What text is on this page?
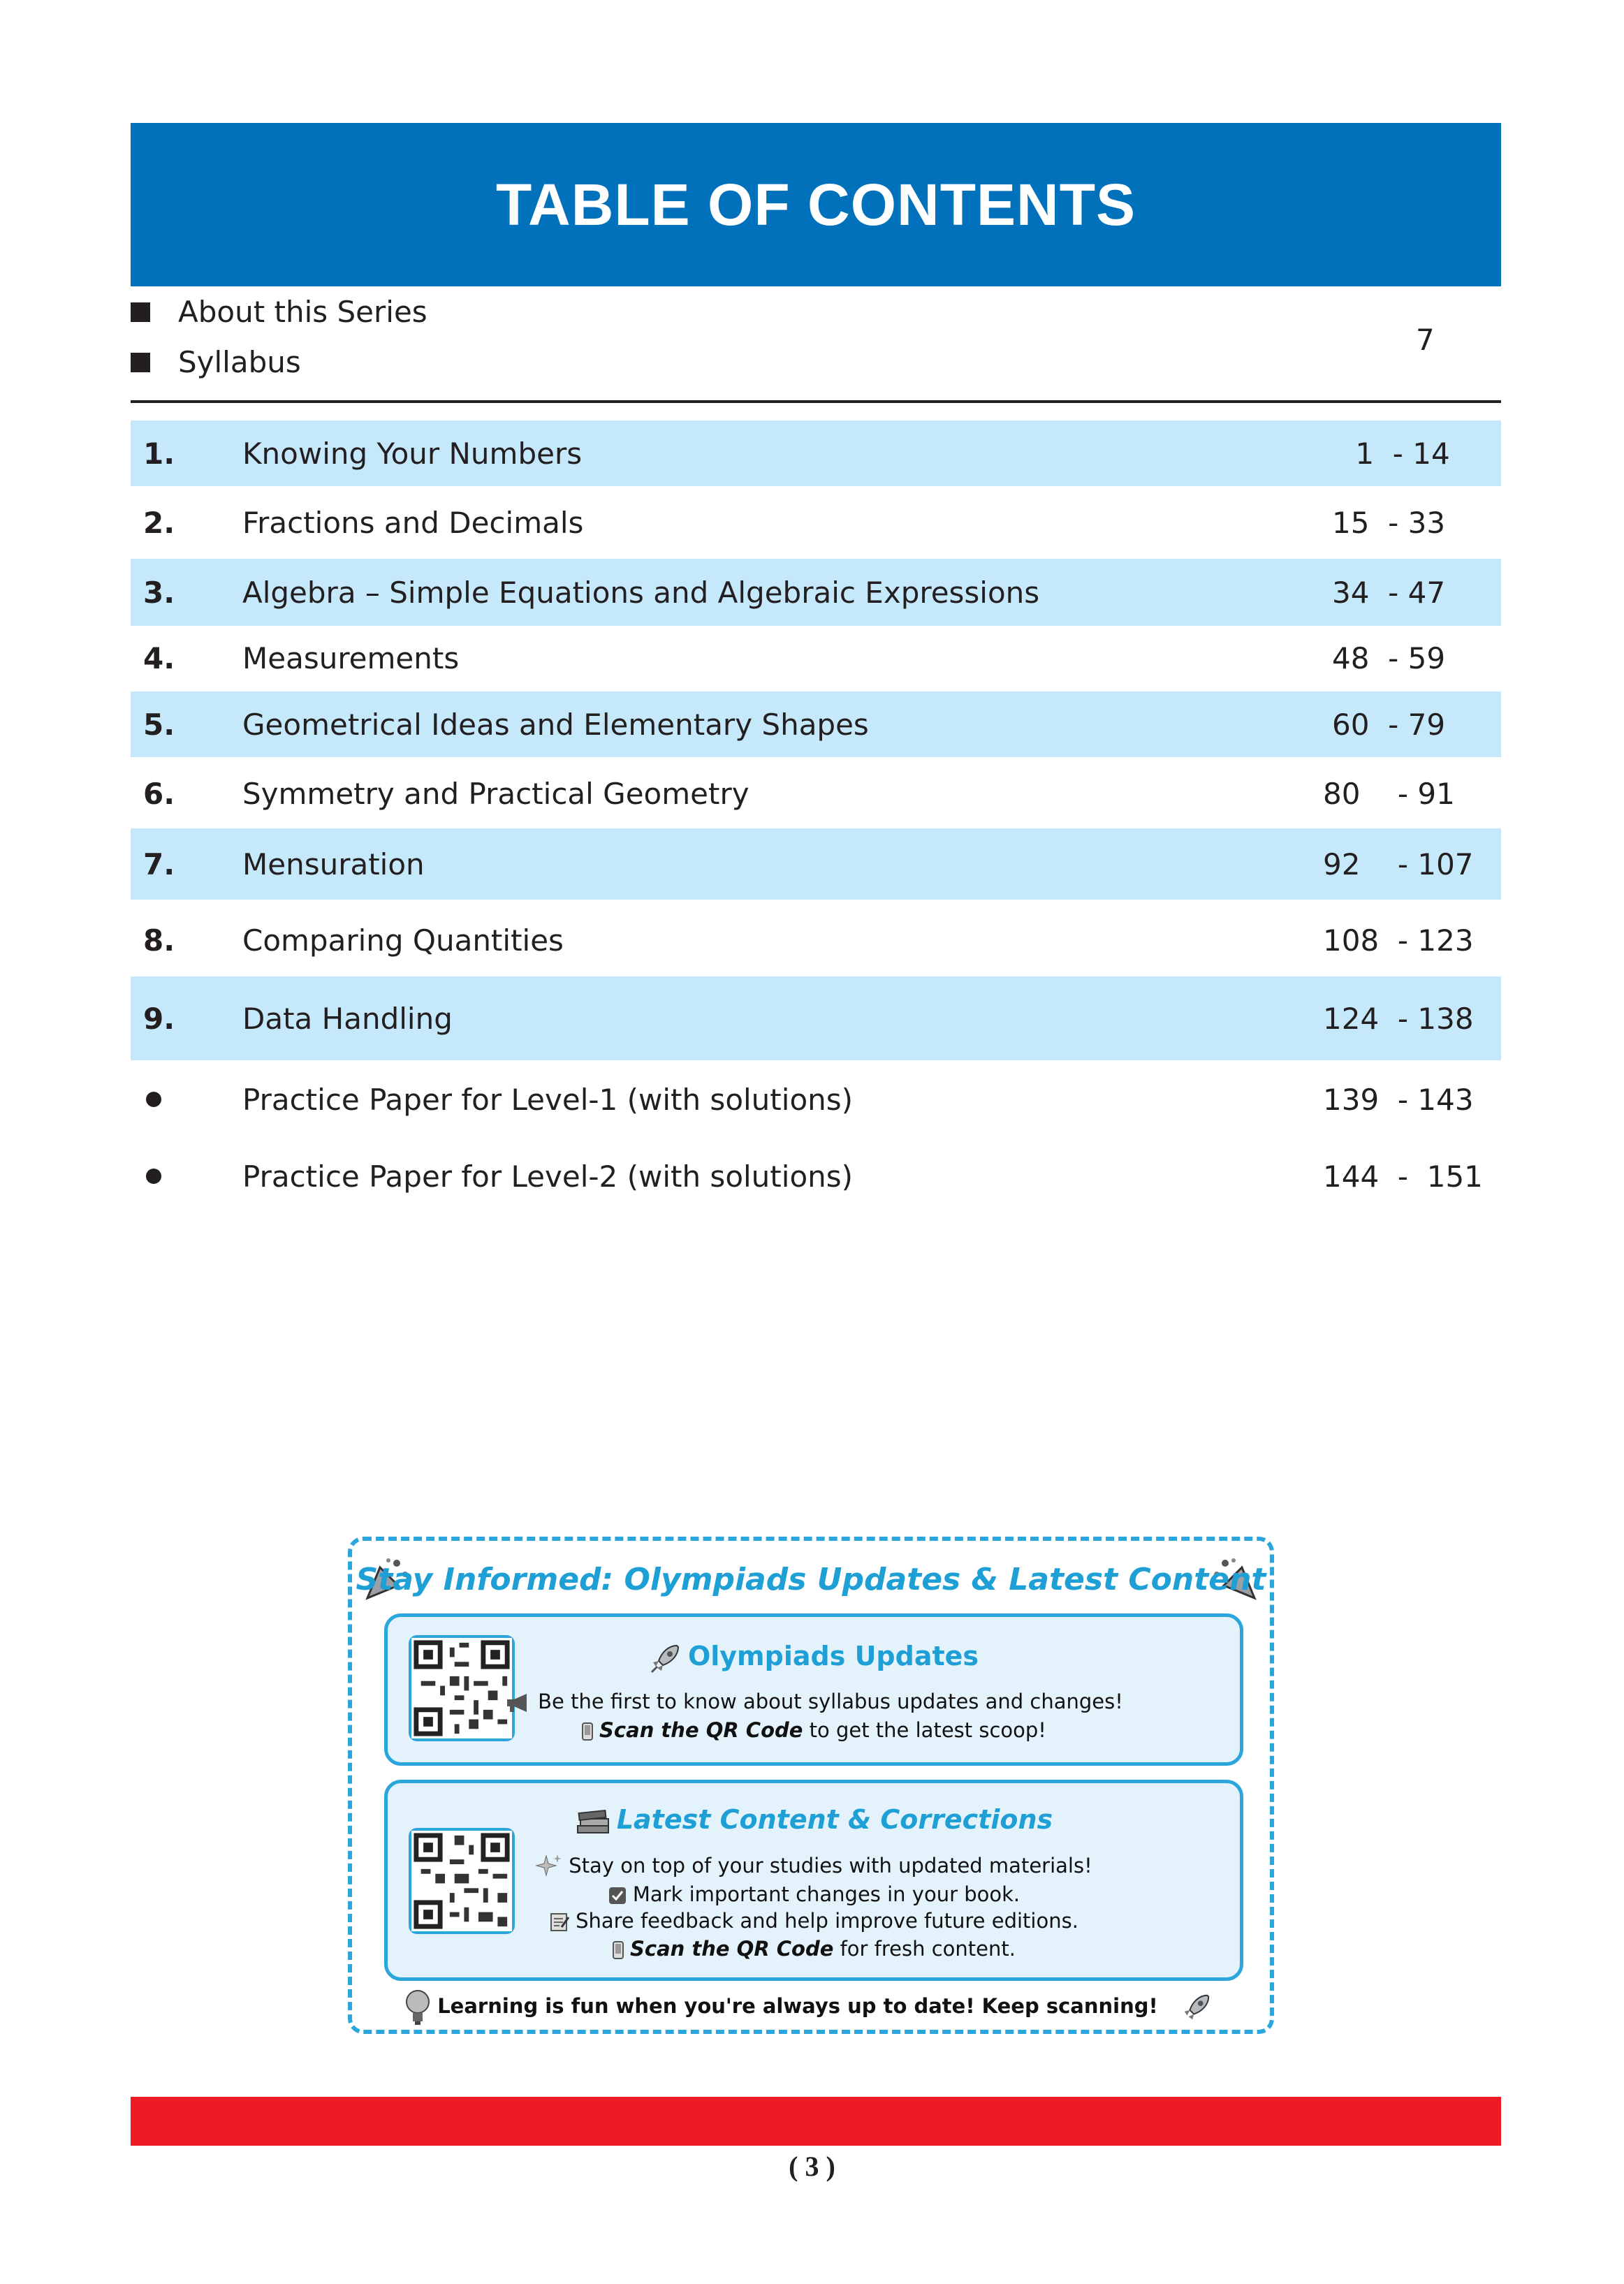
TABLE OF CONTENTS
About this Series
Syllabus
7
1. Knowing Your Numbers	1  - 14
2. Fractions and Decimals	15  - 33
3. Algebra – Simple Equations and Algebraic Expressions	34  - 47
4. Measurements	48  - 59
5. Geometrical Ideas and Elementary Shapes	60  - 79
6. Symmetry and Practical Geometry	80    - 91
7. Mensuration	92    - 107
8. Comparing Quantities	108  - 123
9. Data Handling	124  - 138
Practice Paper for Level-1 (with solutions)	139  - 143
Practice Paper for Level-2 (with solutions)	144  -  151
Stay Informed: Olympiads Updates & Latest Content
Olympiads Updates
Be the first to know about syllabus updates and changes!
Scan the QR Code to get the latest scoop!
Latest Content & Corrections
Stay on top of your studies with updated materials!
Mark important changes in your book.
Share feedback and help improve future editions.
Scan the QR Code for fresh content.
Learning is fun when you're always up to date! Keep scanning!
( 3 )
